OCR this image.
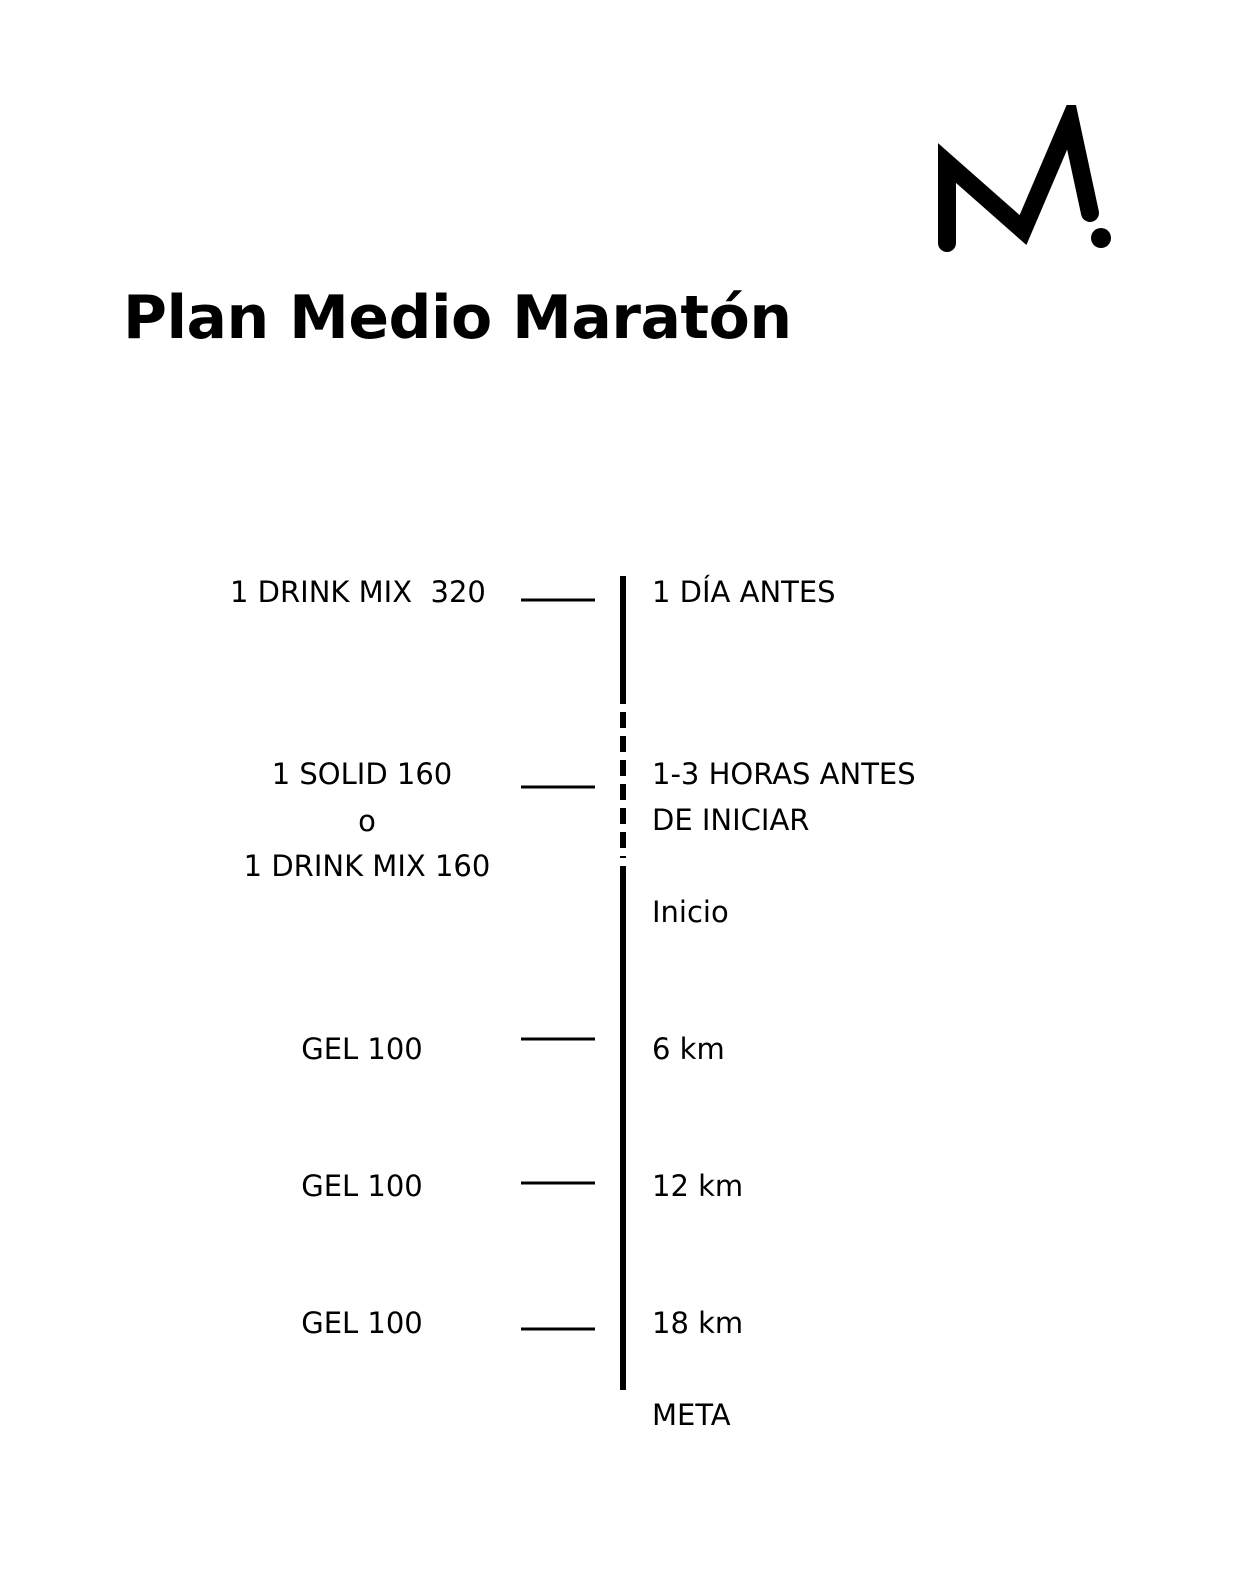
Plan Medio Maratón
1 DRINK MIX  320
1 SOLID 160
o
1 DRINK MIX 160
GEL 100
GEL 100
GEL 100
1 DÍA ANTES
1-3 HORAS ANTES
DE INICIAR
Inicio
6 km
12 km
18 km
META
